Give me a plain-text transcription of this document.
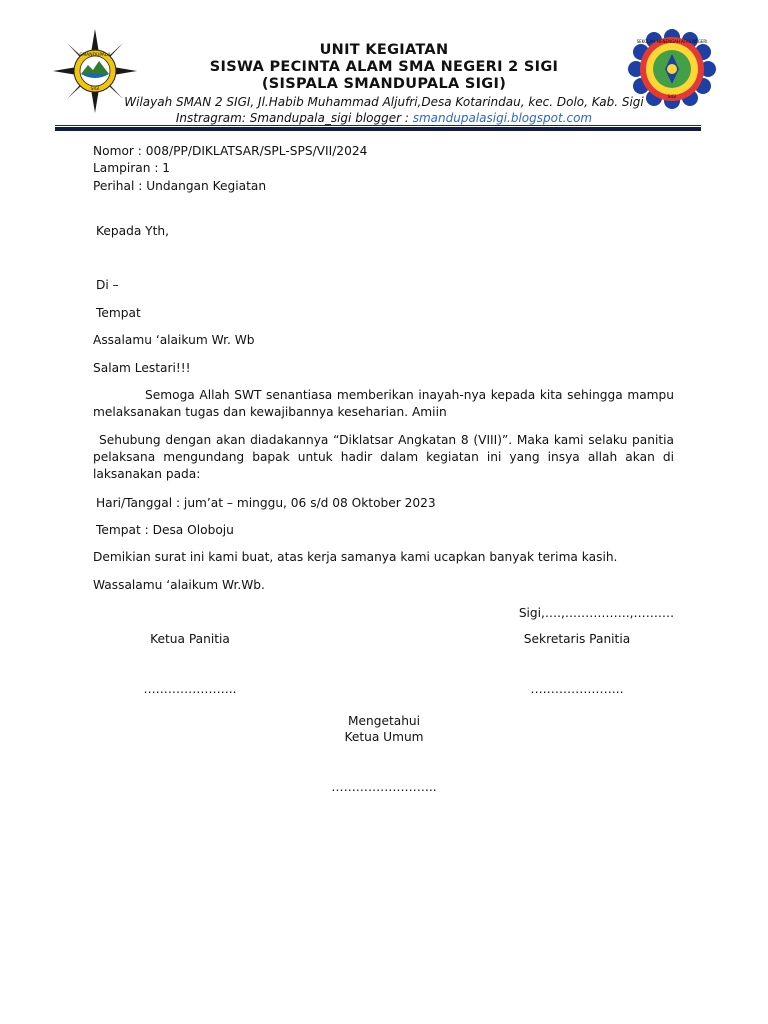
SMANDUPALA
SIGI
SEKOLAH MENENGAH ATAS NEGERI
SIGI
UNIT KEGIATAN
SISWA PECINTA ALAM SMA NEGERI 2 SIGI
(SISPALA SMANDUPALA SIGI)
Wilayah SMAN 2 SIGI, Jl.Habib Muhammad Aljufri,Desa Kotarindau, kec. Dolo, Kab. Sigi
Instragram: Smandupala_sigi blogger : smandupalasigi.blogspot.com
Nomor : 008/PP/DIKLATSAR/SPL-SPS/VII/2024
Lampiran : 1
Perihal : Undangan Kegiatan
Kepada Yth,
Di –
Tempat
Assalamu ‘alaikum Wr. Wb
Salam Lestari!!!
Semoga Allah SWT senantiasa memberikan inayah-nya kepada kita sehingga mampu melaksanakan tugas dan kewajibannya keseharian. Amiin
Sehubung dengan akan diadakannya “Diklatsar Angkatan 8 (VIII)”. Maka kami selaku panitia pelaksana mengundang bapak untuk hadir dalam kegiatan ini yang insya allah akan di laksanakan pada:
Hari/Tanggal : jum’at – minggu, 06 s/d 08 Oktober 2023
Tempat : Desa Oloboju
Demikian surat ini kami buat, atas kerja samanya kami ucapkan banyak terima kasih.
Wassalamu ‘alaikum Wr.Wb.
Sigi,….,…………….,……….
Ketua Panitia	Sekretaris Panitia
…………………..	…………………..
Mengetahui
Ketua Umum
……………………..
